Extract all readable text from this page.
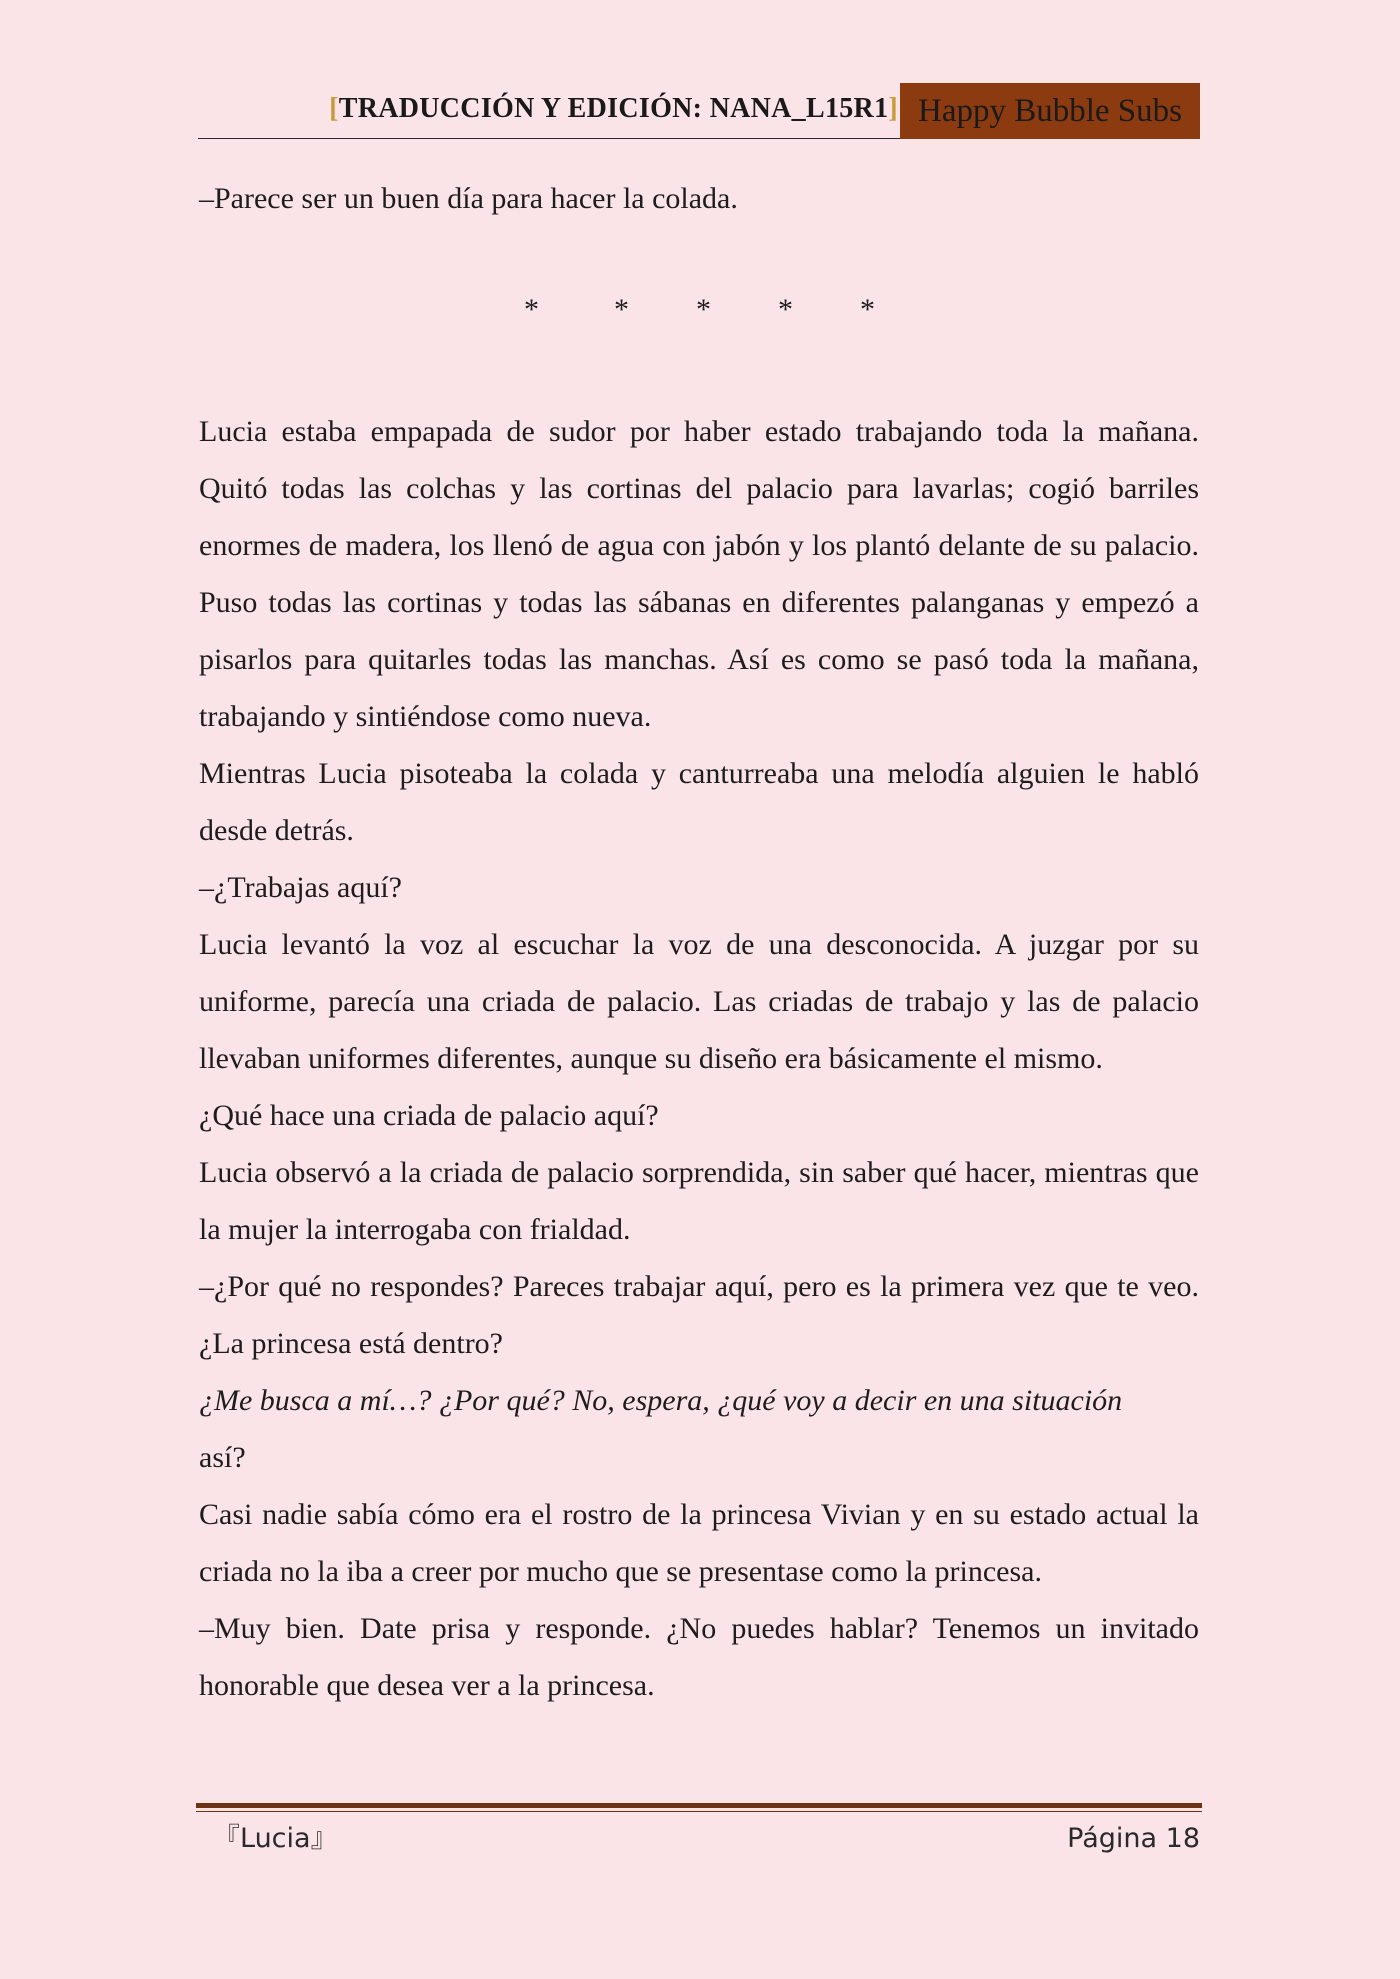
[TRADUCCIÓN Y EDICIÓN: NANA_L15R1] Happy Bubble Subs

–Parece ser un buen día para hacer la colada.

*	* * * *

Lucia estaba empapada de sudor por haber estado trabajando toda la mañana. Quitó todas las colchas y las cortinas del palacio para lavarlas; cogió barriles enormes de madera, los llenó de agua con jabón y los plantó delante de su palacio. Puso todas las cortinas y todas las sábanas en diferentes palanganas y empezó a pisarlos para quitarles todas las manchas. Así es como se pasó toda la mañana, trabajando y sintiéndose como nueva.

Mientras Lucia pisoteaba la colada y canturreaba una melodía alguien le habló desde detrás.

–¿Trabajas aquí?

Lucia levantó la voz al escuchar la voz de una desconocida. A juzgar por su uniforme, parecía una criada de palacio. Las criadas de trabajo y las de palacio llevaban uniformes diferentes, aunque su diseño era básicamente el mismo.

¿Qué hace una criada de palacio aquí?

Lucia observó a la criada de palacio sorprendida, sin saber qué hacer, mientras que la mujer la interrogaba con frialdad.

–¿Por qué no respondes? Pareces trabajar aquí, pero es la primera vez que te veo. ¿La princesa está dentro?

¿Me busca a mí…? ¿Por qué? No, espera, ¿qué voy a decir en una situación

así?

Casi nadie sabía cómo era el rostro de la princesa Vivian y en su estado actual la criada no la iba a creer por mucho que se presentase como la princesa.

–Muy bien. Date prisa y responde. ¿No puedes hablar? Tenemos un invitado honorable que desea ver a la princesa.

『Lucia』	Página 18
